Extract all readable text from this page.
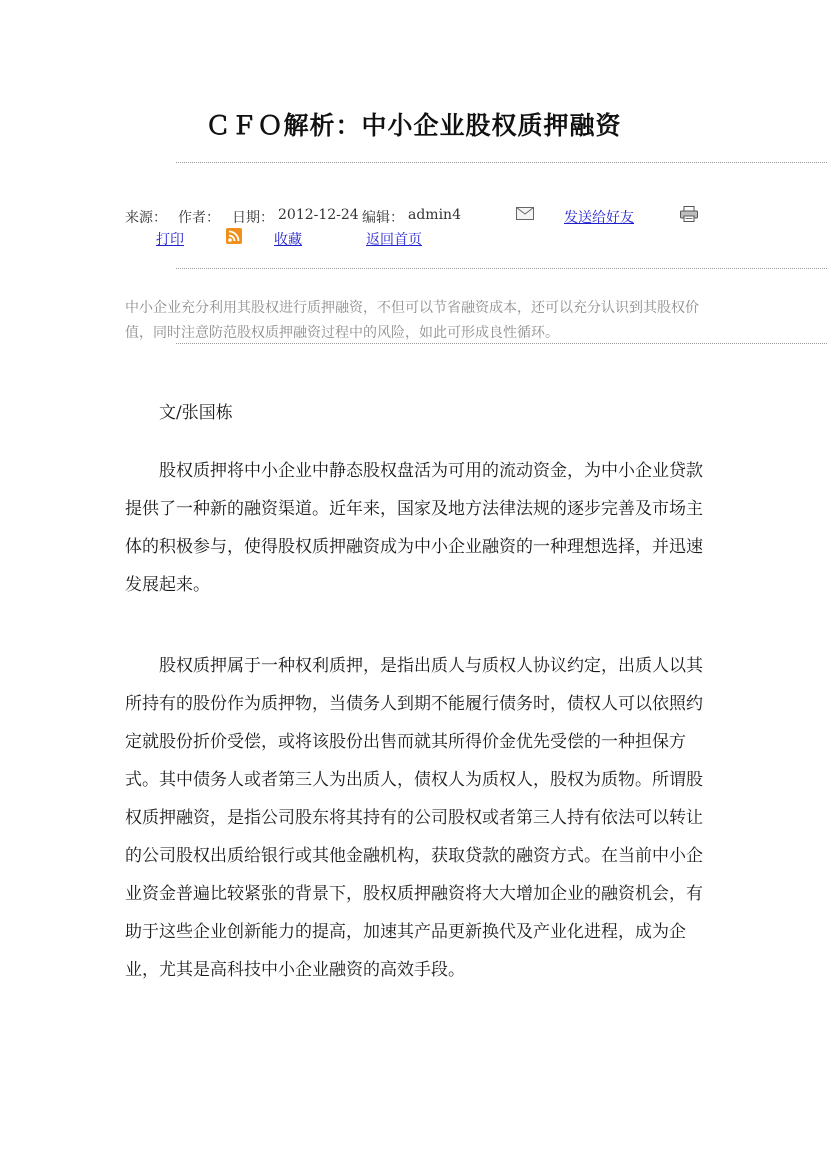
ＣＦＯ解析：中小企业股权质押融资
来源： 作者： 日期： 2012-12-24 编辑： admin4	发送给好友
打印	收藏	返回首页
中小企业充分利用其股权进行质押融资，不但可以节省融资成本，还可以充分认识到其股权价值，同时注意防范股权质押融资过程中的风险，如此可形成良性循环。
文/张国栋

股权质押将中小企业中静态股权盘活为可用的流动资金，为中小企业贷款提供了一种新的融资渠道。近年来，国家及地方法律法规的逐步完善及市场主体的积极参与，使得股权质押融资成为中小企业融资的一种理想选择，并迅速发展起来。

股权质押属于一种权利质押，是指出质人与质权人协议约定，出质人以其所持有的股份作为质押物，当债务人到期不能履行债务时，债权人可以依照约定就股份折价受偿，或将该股份出售而就其所得价金优先受偿的一种担保方式。其中债务人或者第三人为出质人，债权人为质权人，股权为质物。所谓股权质押融资，是指公司股东将其持有的公司股权或者第三人持有依法可以转让的公司股权出质给银行或其他金融机构，获取贷款的融资方式。在当前中小企业资金普遍比较紧张的背景下，股权质押融资将大大增加企业的融资机会，有助于这些企业创新能力的提高，加速其产品更新换代及产业化进程，成为企业，尤其是高科技中小企业融资的高效手段。
